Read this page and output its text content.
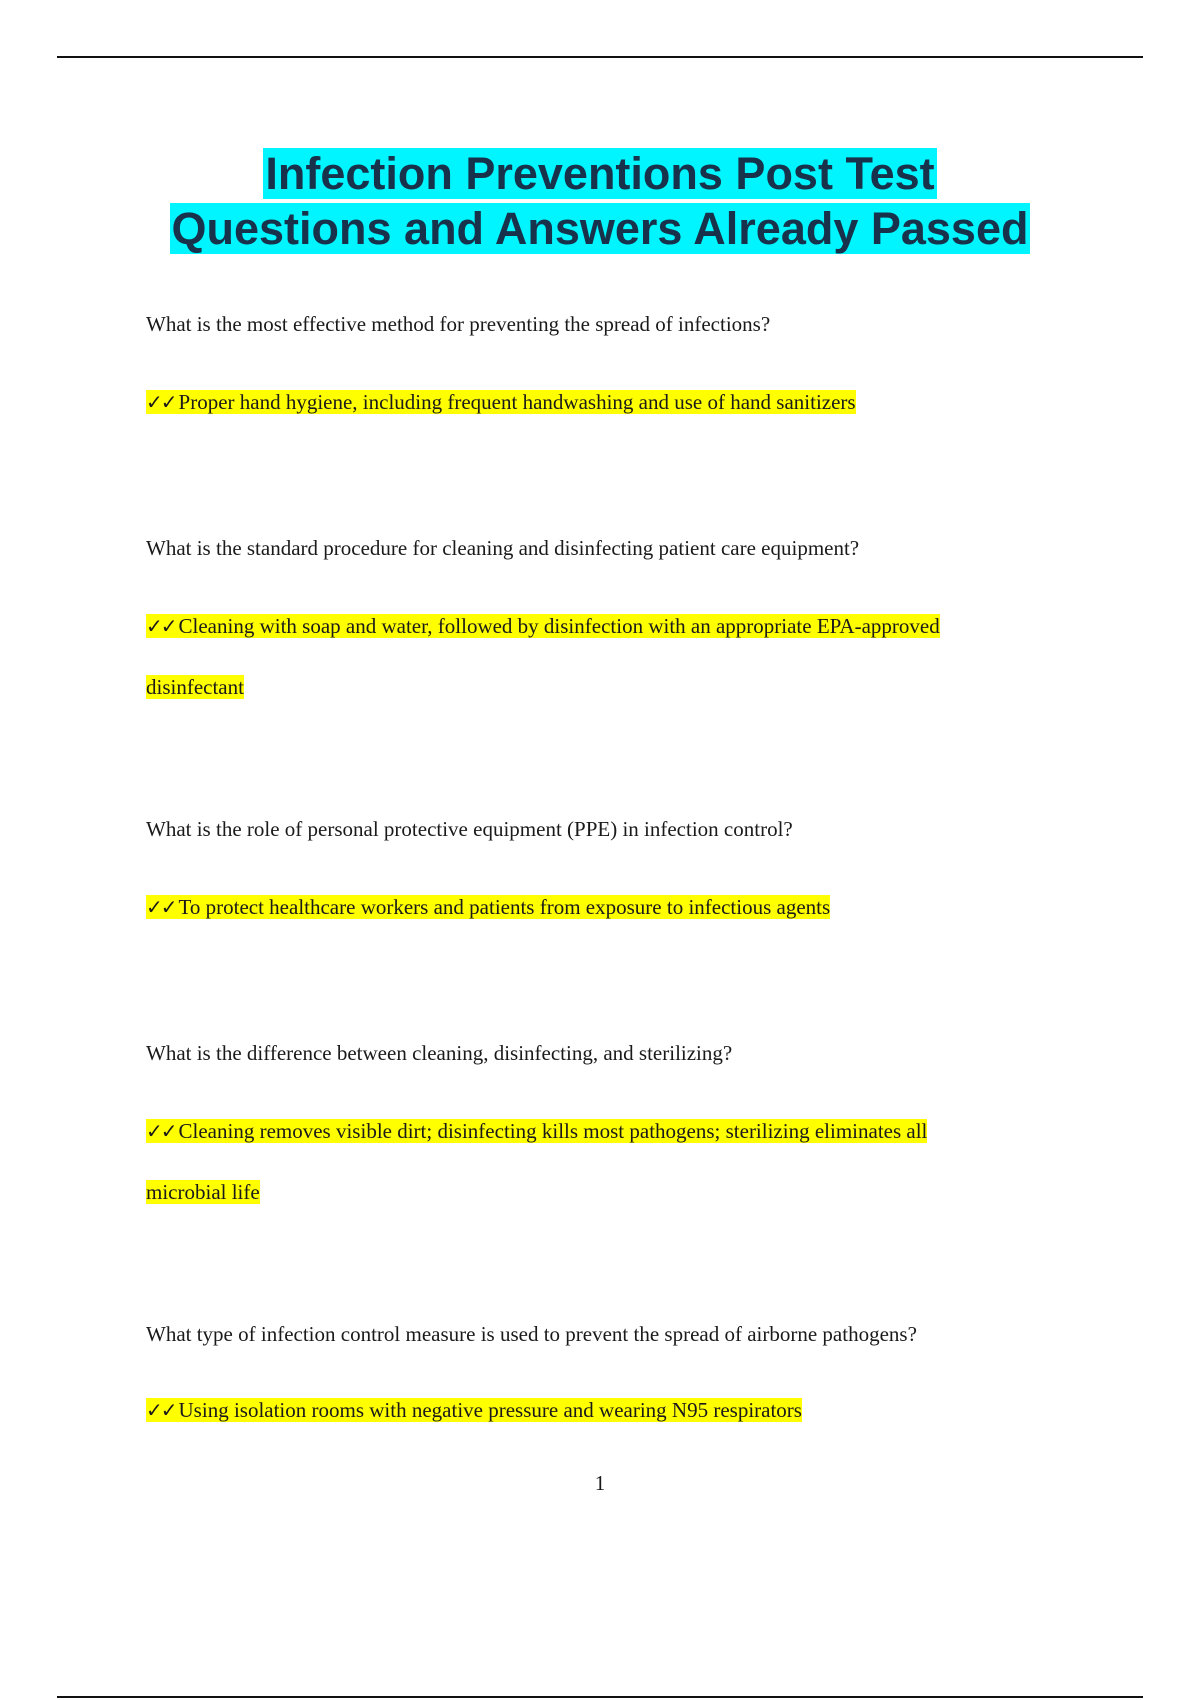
Infection Preventions Post Test
Questions and Answers Already Passed

What is the most effective method for preventing the spread of infections?

✓✓ Proper hand hygiene, including frequent handwashing and use of hand sanitizers

What is the standard procedure for cleaning and disinfecting patient care equipment?

✓✓ Cleaning with soap and water, followed by disinfection with an appropriate EPA-approved
disinfectant

What is the role of personal protective equipment (PPE) in infection control?

✓✓ To protect healthcare workers and patients from exposure to infectious agents

What is the difference between cleaning, disinfecting, and sterilizing?

✓✓ Cleaning removes visible dirt; disinfecting kills most pathogens; sterilizing eliminates all
microbial life

What type of infection control measure is used to prevent the spread of airborne pathogens?

✓✓ Using isolation rooms with negative pressure and wearing N95 respirators

1
